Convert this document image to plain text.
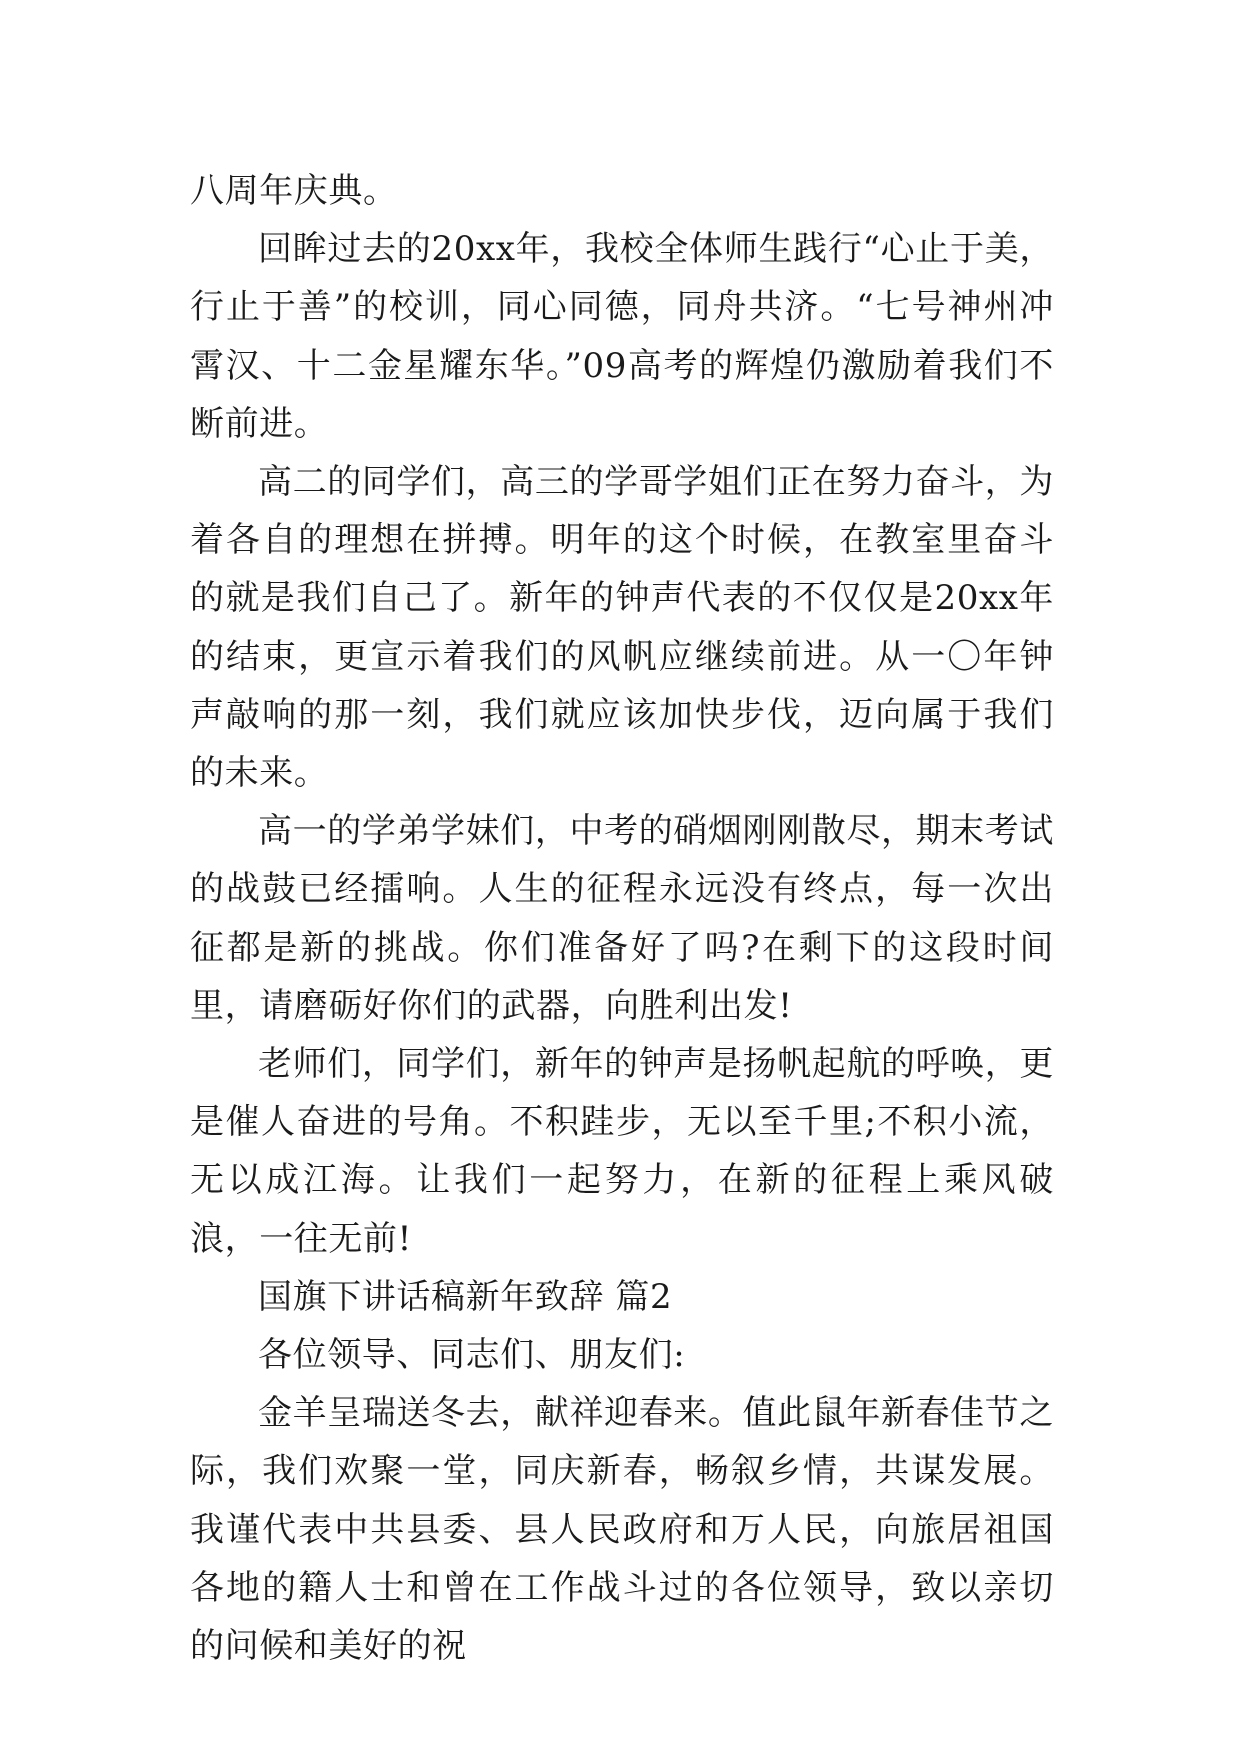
八周年庆典。

回眸过去的20xx年，我校全体师生践行“心止于美，行止于善”的校训，同心同德，同舟共济。“七号神州冲霄汉、十二金星耀东华。”09高考的辉煌仍激励着我们不断前进。

高二的同学们，高三的学哥学姐们正在努力奋斗，为着各自的理想在拼搏。明年的这个时候，在教室里奋斗的就是我们自己了。新年的钟声代表的不仅仅是20xx年的结束，更宣示着我们的风帆应继续前进。从一〇年钟声敲响的那一刻，我们就应该加快步伐，迈向属于我们的未来。

高一的学弟学妹们，中考的硝烟刚刚散尽，期末考试的战鼓已经擂响。人生的征程永远没有终点，每一次出征都是新的挑战。你们准备好了吗?在剩下的这段时间里，请磨砺好你们的武器，向胜利出发!

老师们，同学们，新年的钟声是扬帆起航的呼唤，更是催人奋进的号角。不积跬步，无以至千里;不积小流，无以成江海。让我们一起努力，在新的征程上乘风破浪，一往无前!

国旗下讲话稿新年致辞 篇2

各位领导、同志们、朋友们:

金羊呈瑞送冬去，献祥迎春来。值此鼠年新春佳节之际，我们欢聚一堂，同庆新春，畅叙乡情，共谋发展。我谨代表中共县委、县人民政府和万人民，向旅居祖国各地的籍人士和曾在工作战斗过的各位领导，致以亲切的问候和美好的祝
